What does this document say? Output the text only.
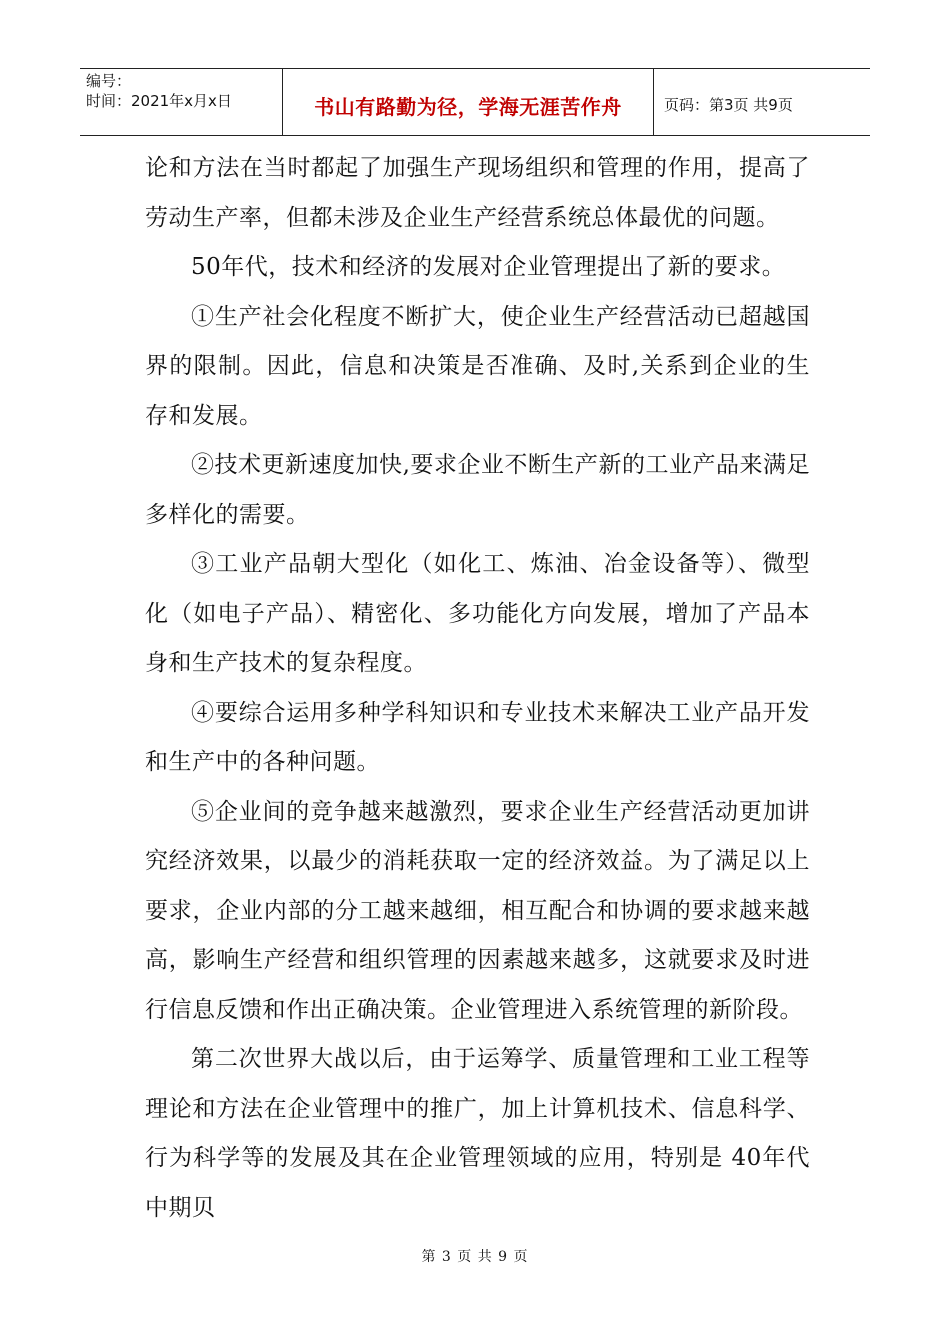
编号：
时间：2021年x月x日	书山有路勤为径，学海无涯苦作舟	页码：第3页 共9页

论和方法在当时都起了加强生产现场组织和管理的作用，提高了劳动生产率，但都未涉及企业生产经营系统总体最优的问题。

50年代，技术和经济的发展对企业管理提出了新的要求。

①生产社会化程度不断扩大，使企业生产经营活动已超越国界的限制。因此，信息和决策是否准确、及时,关系到企业的生存和发展。

②技术更新速度加快,要求企业不断生产新的工业产品来满足多样化的需要。

③工业产品朝大型化（如化工、炼油、冶金设备等）、微型化（如电子产品）、精密化、多功能化方向发展，增加了产品本身和生产技术的复杂程度。

④要综合运用多种学科知识和专业技术来解决工业产品开发和生产中的各种问题。

⑤企业间的竞争越来越激烈，要求企业生产经营活动更加讲究经济效果，以最少的消耗获取一定的经济效益。为了满足以上要求，企业内部的分工越来越细，相互配合和协调的要求越来越高，影响生产经营和组织管理的因素越来越多，这就要求及时进行信息反馈和作出正确决策。企业管理进入系统管理的新阶段。

第二次世界大战以后，由于运筹学、质量管理和工业工程等理论和方法在企业管理中的推广，加上计算机技术、信息科学、行为科学等的发展及其在企业管理领域的应用，特别是 40年代中期贝

第 3 页 共 9 页
